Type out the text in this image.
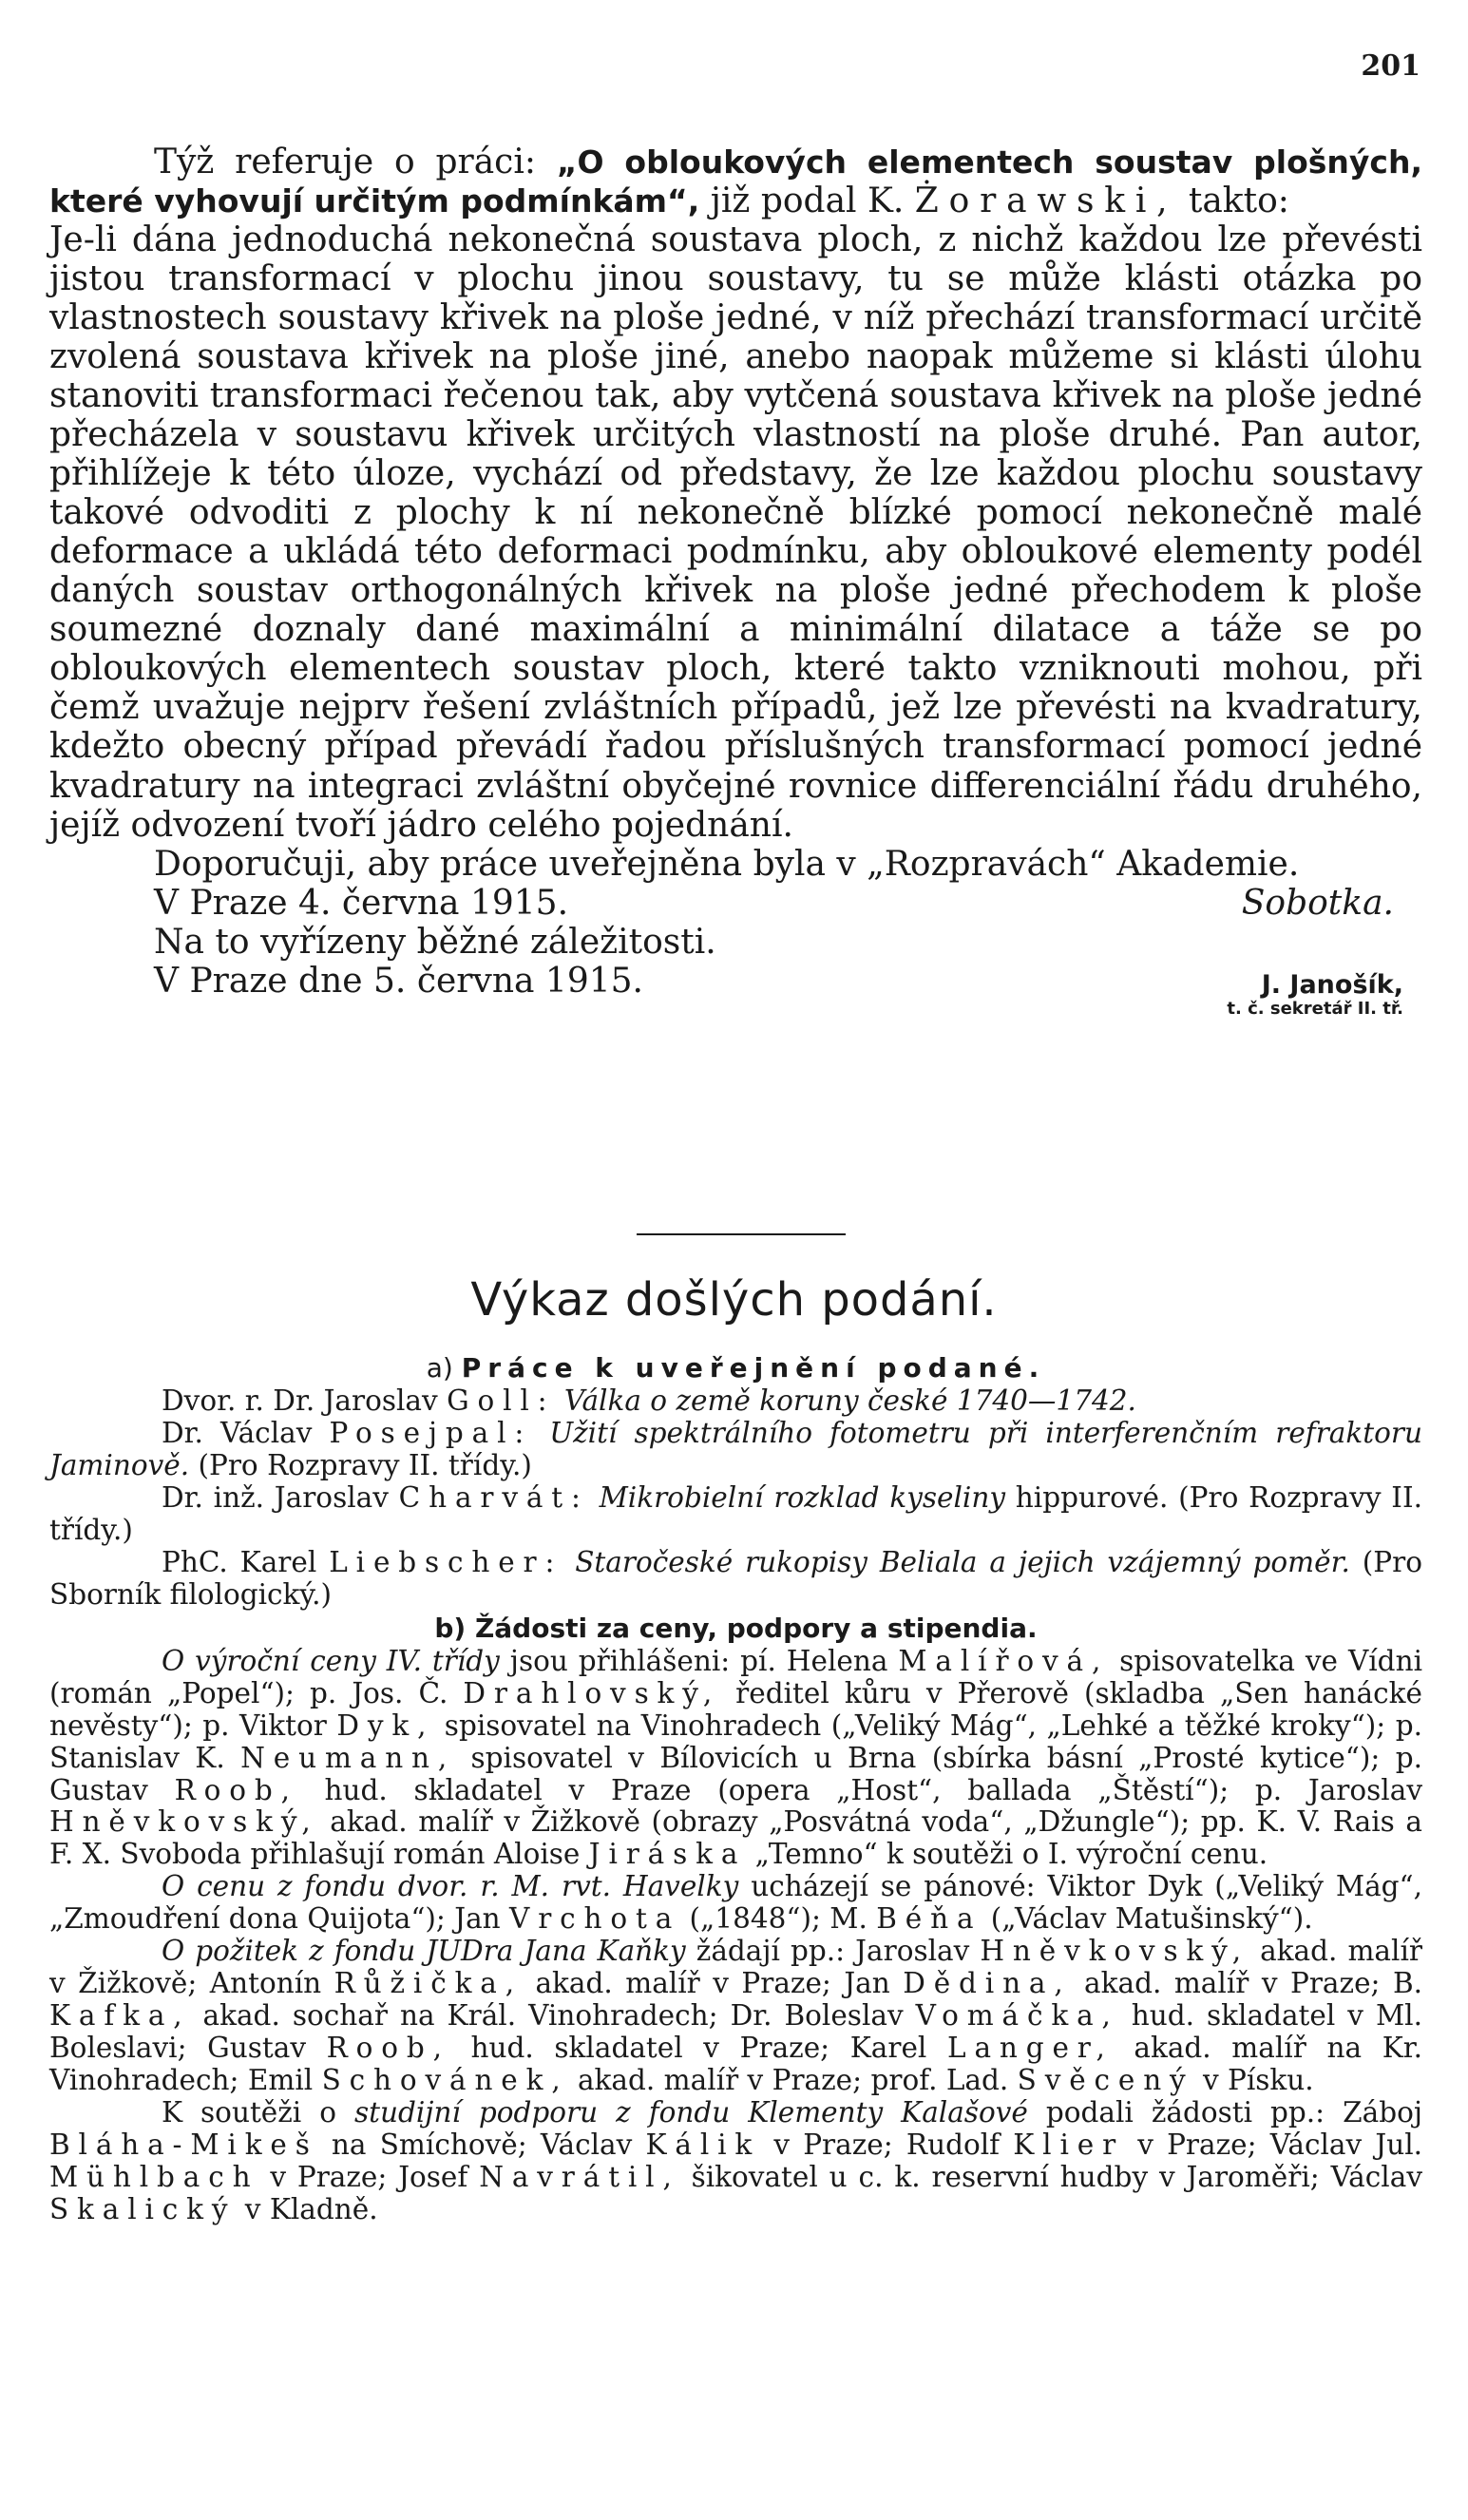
201

Týž referuje o práci: „O obloukových elementech soustav plošných, které vyhovují určitým podmínkám“, již podal K. Żorawski, takto:

Je-li dána jednoduchá nekonečná soustava ploch, z nichž každou lze převésti jistou transformací v plochu jinou soustavy, tu se může klásti otázka po vlastnostech soustavy křivek na ploše jedné, v níž přechází transformací určitě zvolená soustava křivek na ploše jiné, anebo naopak můžeme si klásti úlohu stanoviti transformaci řečenou tak, aby vytčená soustava křivek na ploše jedné přecházela v soustavu křivek určitých vlastností na ploše druhé. Pan autor, přihlížeje k této úloze, vychází od představy, že lze každou plochu soustavy takové odvoditi z plochy k ní nekonečně blízké pomocí nekonečně malé deformace a ukládá této deformaci podmínku, aby obloukové elementy podél daných soustav orthogonálných křivek na ploše jedné přechodem k ploše soumezné doznaly dané maximální a minimální dilatace a táže se po obloukových elementech soustav ploch, které takto vzniknouti mohou, při čemž uvažuje nejprv řešení zvláštních případů, jež lze převésti na kvadratury, kdežto obecný případ převádí řadou příslušných transformací pomocí jedné kvadratury na integraci zvláštní obyčejné rovnice differenciální řádu druhého, jejíž odvození tvoří jádro celého pojednání.

Doporučuji, aby práce uveřejněna byla v „Rozpravách“ Akademie.

V Praze 4. června 1915.	Sobotka.

Na to vyřízeny běžné záležitosti.

V Praze dne 5. června 1915.	J. Janošík,
t. č. sekretář II. tř.
Výkaz došlých podání.
a) Práce k uveřejnění podané.

Dvor. r. Dr. Jaroslav Goll: Válka o země koruny české 1740—1742.

Dr. Václav Posejpal: Užití spektrálního fotometru při interferenčním refraktoru Jaminově. (Pro Rozpravy II. třídy.)

Dr. inž. Jaroslav Charvát: Mikrobielní rozklad kyseliny hippurové. (Pro Rozpravy II. třídy.)

PhC. Karel Liebscher: Staročeské rukopisy Beliala a jejich vzájemný poměr. (Pro Sborník filologický.)

b) Žádosti za ceny, podpory a stipendia.

O výroční ceny IV. třídy jsou přihlášeni: pí. Helena Malířová, spisovatelka ve Vídni (román „Popel“); p. Jos. Č. Drahlovský, ředitel kůru v Přerově (skladba „Sen hanácké nevěsty“); p. Viktor Dyk, spisovatel na Vinohradech („Veliký Mág“, „Lehké a těžké kroky“); p. Stanislav K. Neumann, spisovatel v Bílovicích u Brna (sbírka básní „Prosté kytice“); p. Gustav Roob, hud. skladatel v Praze (opera „Host“, ballada „Štěstí“); p. Jaroslav Hněvkovský, akad. malíř v Žižkově (obrazy „Posvátná voda“, „Džungle“); pp. K. V. Rais a F. X. Svoboda přihlašují román Aloise Jiráska „Temno“ k soutěži o I. výroční cenu.

O cenu z fondu dvor. r. M. rvt. Havelky ucházejí se pánové: Viktor Dyk („Veliký Mág“, „Zmoudření dona Quijota“); Jan Vrchota („1848“); M. Béňa („Václav Matušinský“).

O požitek z fondu JUDra Jana Kaňky žádají pp.: Jaroslav Hněvkovský, akad. malíř v Žižkově; Antonín Růžička, akad. malíř v Praze; Jan Dědina, akad. malíř v Praze; B. Kafka, akad. sochař na Král. Vinohradech; Dr. Boleslav Vomáčka, hud. skladatel v Ml. Boleslavi; Gustav Roob, hud. skladatel v Praze; Karel Langer, akad. malíř na Kr. Vinohradech; Emil Schovánek, akad. malíř v Praze; prof. Lad. Svěcený v Písku.

K soutěži o studijní podporu z fondu Klementy Kalašové podali žádosti pp.: Záboj Bláha-Mikeš na Smíchově; Václav Kálik v Praze; Rudolf Klier v Praze; Václav Jul. Mühlbach v Praze; Josef Navrátil, šikovatel u c. k. reservní hudby v Jaroměři; Václav Skalický v Kladně.
